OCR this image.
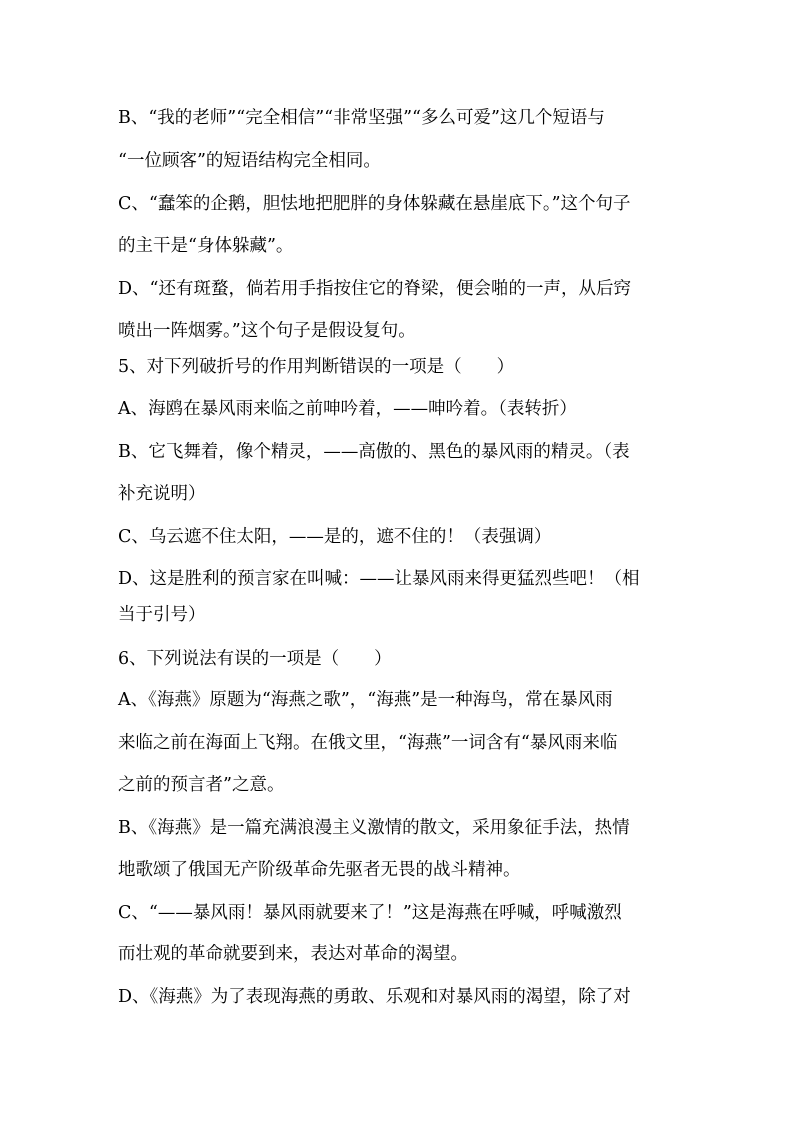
B、“我的老师”“完全相信”“非常坚强”“多么可爱”这几个短语与
“一位顾客”的短语结构完全相同。
C、“蠢笨的企鹅，胆怯地把肥胖的身体躲藏在悬崖底下。”这个句子
的主干是“身体躲藏”。
D、“还有斑蝥，倘若用手指按住它的脊梁，便会啪的一声，从后窍
喷出一阵烟雾。”这个句子是假设复句。
5、对下列破折号的作用判断错误的一项是（　　）
A、海鸥在暴风雨来临之前呻吟着，——呻吟着。（表转折）
B、它飞舞着，像个精灵，——高傲的、黑色的暴风雨的精灵。（表
补充说明）
C、乌云遮不住太阳，——是的，遮不住的！（表强调）
D、这是胜利的预言家在叫喊：——让暴风雨来得更猛烈些吧！（相
当于引号）
6、下列说法有误的一项是（　　）
A、《海燕》原题为“海燕之歌”，“海燕”是一种海鸟，常在暴风雨
来临之前在海面上飞翔。在俄文里，“海燕”一词含有“暴风雨来临
之前的预言者”之意。
B、《海燕》是一篇充满浪漫主义激情的散文，采用象征手法，热情
地歌颂了俄国无产阶级革命先驱者无畏的战斗精神。
C、“——暴风雨！暴风雨就要来了！”这是海燕在呼喊，呼喊激烈
而壮观的革命就要到来，表达对革命的渴望。
D、《海燕》为了表现海燕的勇敢、乐观和对暴风雨的渴望，除了对
